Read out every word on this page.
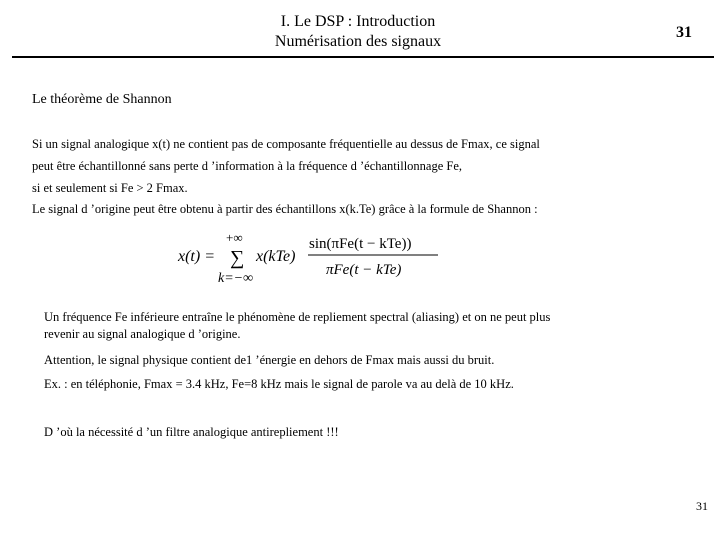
I. Le DSP : Introduction
Numérisation des signaux
31
Le théorème de Shannon
Si un signal analogique x(t) ne contient pas de composante fréquentielle au dessus de Fmax, ce signal
peut être échantillonné sans perte d ’information à la fréquence d ’échantillonnage Fe,
si et seulement si Fe > 2 Fmax.
Le signal d ’origine peut être obtenu à partir des échantillons x(k.Te) grâce à la formule de Shannon :
x(t) =
+∞
∑
k=−∞
x(kTe)
sin(πFe(t − kTe))
πFe(t − kTe)
Un fréquence Fe inférieure entraîne le phénomène de repliement spectral (aliasing) et on ne peut plus
revenir au signal analogique d ’origine.
Attention, le signal physique contient de1 ’énergie en dehors de Fmax mais aussi du bruit.
Ex. : en téléphonie, Fmax = 3.4 kHz, Fe=8 kHz mais le signal de parole va au delà de 10 kHz.
D ’où la nécessité d ’un filtre analogique antirepliement !!!
31
